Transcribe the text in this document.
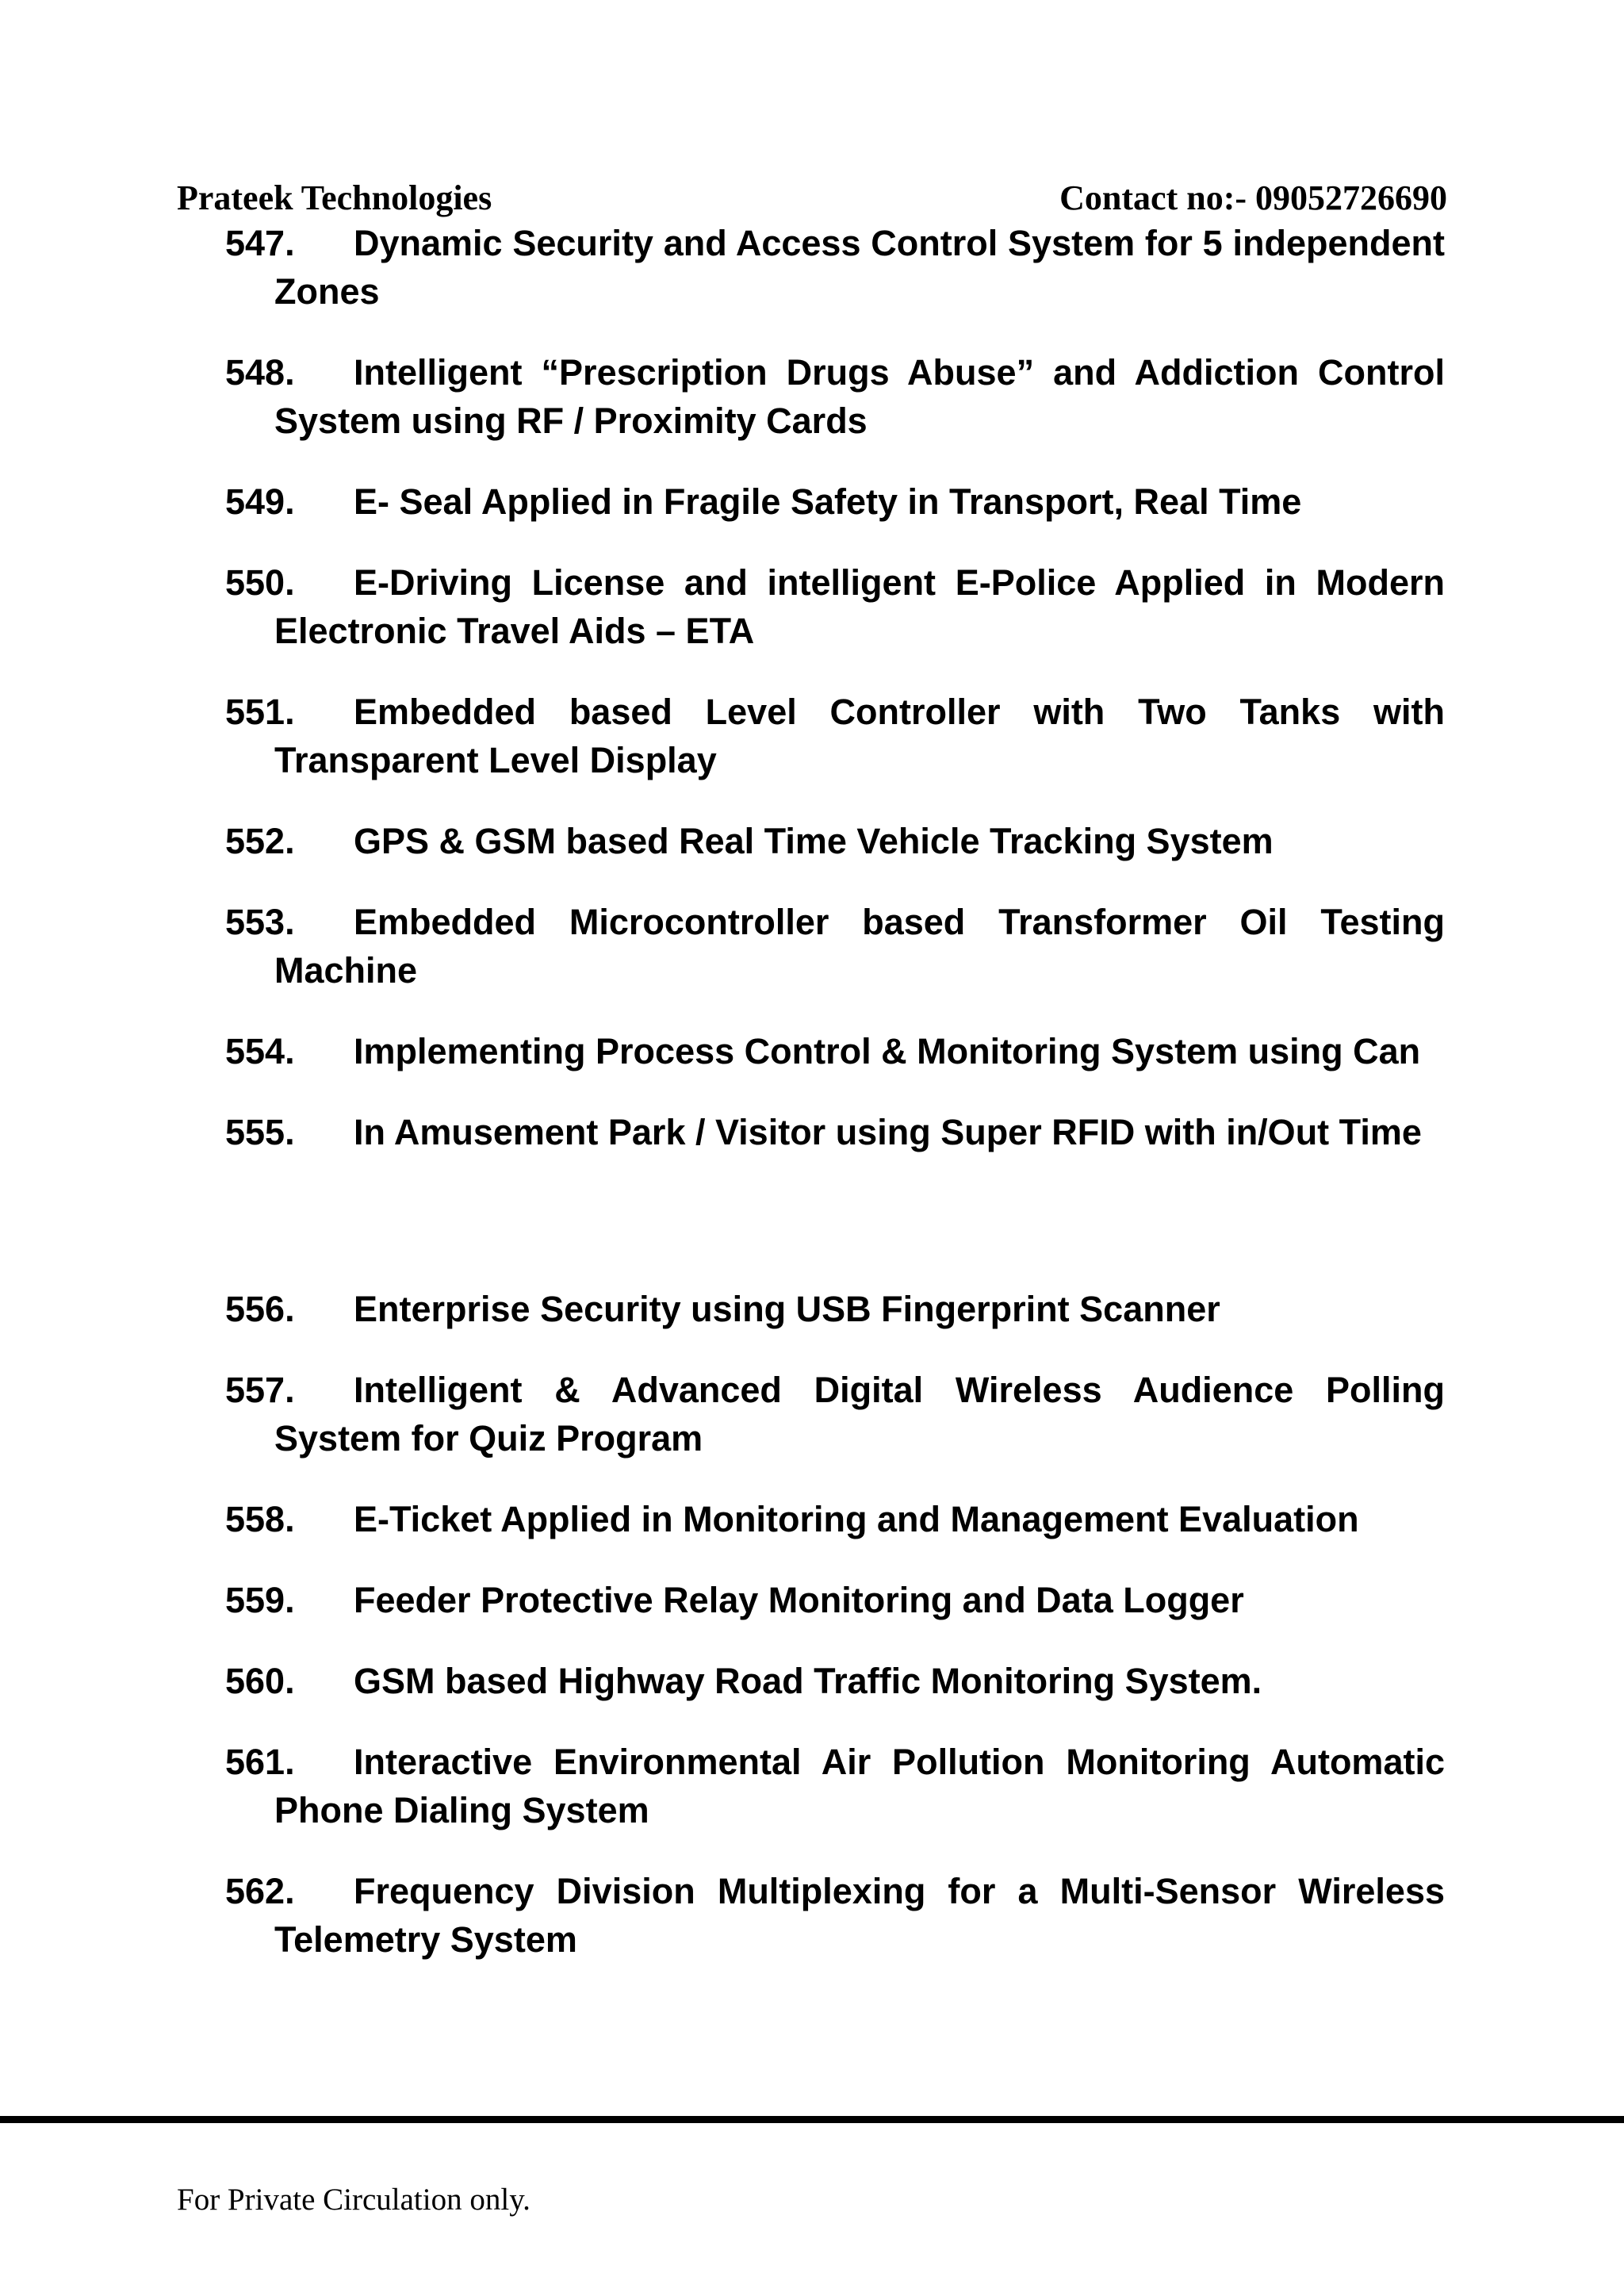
Prateek Technologies	Contact no:- 09052726690
547. Dynamic Security and Access Control System for 5 independent Zones
548. Intelligent “Prescription Drugs Abuse” and Addiction Control System using RF / Proximity Cards
549. E- Seal Applied in Fragile Safety in Transport, Real Time
550. E-Driving License and intelligent E-Police Applied in Modern Electronic Travel Aids – ETA
551. Embedded based Level Controller with Two Tanks with Transparent Level Display
552. GPS & GSM based Real Time Vehicle Tracking System
553. Embedded Microcontroller based Transformer Oil Testing Machine
554. Implementing Process Control & Monitoring System using Can
555. In Amusement Park / Visitor using Super RFID with in/Out Time
556. Enterprise Security using USB Fingerprint Scanner
557. Intelligent & Advanced Digital Wireless Audience Polling System for Quiz Program
558. E-Ticket Applied in Monitoring and Management Evaluation
559. Feeder Protective Relay Monitoring and Data Logger
560. GSM based Highway Road Traffic Monitoring System.
561. Interactive Environmental Air Pollution Monitoring Automatic Phone Dialing System
562. Frequency Division Multiplexing for a Multi-Sensor Wireless Telemetry System
For Private Circulation only.
